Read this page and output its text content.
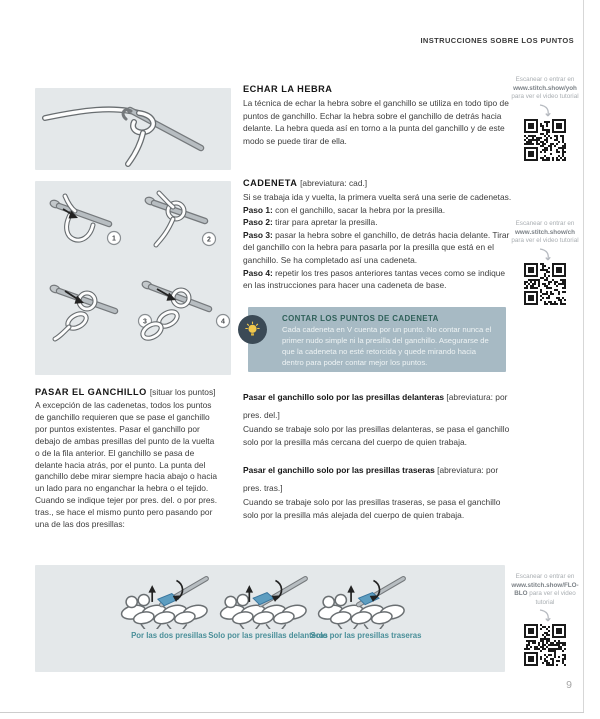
INSTRUCCIONES SOBRE LOS PUNTOS
ECHAR LA HEBRA
La técnica de echar la hebra sobre el ganchillo se utiliza en todo tipo de puntos de ganchillo. Echar la hebra sobre el ganchillo de detrás hacia delante. La hebra queda así en torno a la punta del ganchillo y de este modo se puede tirar de ella.
Escanear o entrar en
www.stitch.show/yoh
para ver el video tutorial
1	2
3	4
CADENETA [abreviatura: cad.]
Si se trabaja ida y vuelta, la primera vuelta será una serie de cadenetas.
Paso 1: con el ganchillo, sacar la hebra por la presilla.
Paso 2: tirar para apretar la presilla.
Paso 3: pasar la hebra sobre el ganchillo, de detrás hacia delante. Tirar del ganchillo con la hebra para pasarla por la presilla que está en el ganchillo. Se ha completado así una cadeneta.
Paso 4: repetir los tres pasos anteriores tantas veces como se indique en las instrucciones para hacer una cadeneta de base.
Escanear o entrar en
www.stitch.show/ch
para ver el video tutorial
CONTAR LOS PUNTOS DE CADENETA
Cada cadeneta en V cuenta por un punto. No contar nunca el primer nudo simple ni la presilla del ganchillo. Asegurarse de que la cadeneta no esté retorcida y quede mirando hacia dentro para poder contar mejor los puntos.
PASAR EL GANCHILLO [situar los puntos]
A excepción de las cadenetas, todos los puntos de ganchillo requieren que se pase el ganchillo por puntos existentes. Pasar el ganchillo por debajo de ambas presillas del punto de la vuelta o de la fila anterior. El ganchillo se pasa de delante hacia atrás, por el punto. La punta del ganchillo debe mirar siempre hacia abajo o hacia un lado para no enganchar la hebra o el tejido. Cuando se indique tejer por pres. del. o por pres. tras., se hace el mismo punto pero pasando por una de las dos presillas:
Pasar el ganchillo solo por las presillas delanteras [abreviatura: por pres. del.]
Cuando se trabaje solo por las presillas delanteras, se pasa el ganchillo solo por la presilla más cercana del cuerpo de quien trabaja.
Pasar el ganchillo solo por las presillas traseras [abreviatura: por pres. tras.]
Cuando se trabaje solo por las presillas traseras, se pasa el ganchillo solo por la presilla más alejada del cuerpo de quien trabaja.
Por las dos presillas Solo por las presillas delanteras
Solo por las presillas traseras
Escanear o entrar en
www.stitch.show/FLO-BLO para ver el video tutorial
9
